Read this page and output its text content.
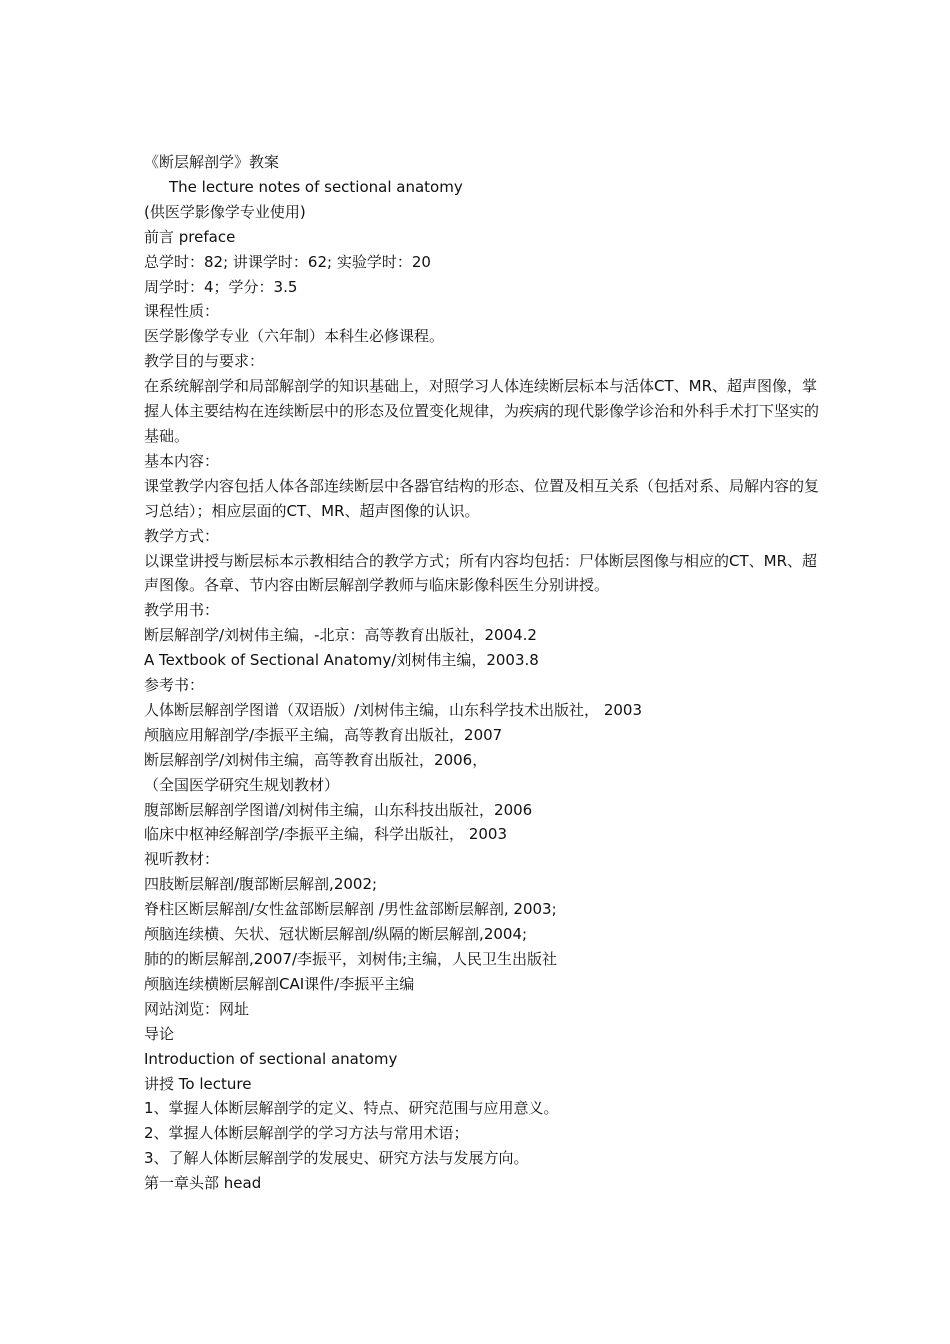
《断层解剖学》教案

The lecture notes of sectional anatomy

(供医学影像学专业使用)

前言 preface

总学时：82; 讲课学时：62; 实验学时：20

周学时：4；学分：3.5

课程性质：

医学影像学专业（六年制）本科生必修课程。

教学目的与要求：

在系统解剖学和局部解剖学的知识基础上，对照学习人体连续断层标本与活体CT、MR、超声图像，掌握人体主要结构在连续断层中的形态及位置变化规律，为疾病的现代影像学诊治和外科手术打下坚实的基础。

基本内容：

课堂教学内容包括人体各部连续断层中各器官结构的形态、位置及相互关系（包括对系、局解内容的复习总结）；相应层面的CT、MR、超声图像的认识。

教学方式：

以课堂讲授与断层标本示教相结合的教学方式；所有内容均包括：尸体断层图像与相应的CT、MR、超声图像。各章、节内容由断层解剖学教师与临床影像科医生分别讲授。

教学用书：

断层解剖学/刘树伟主编，-北京：高等教育出版社，2004.2

A Textbook of Sectional Anatomy/刘树伟主编，2003.8

参考书：

人体断层解剖学图谱（双语版）/刘树伟主编，山东科学技术出版社， 2003

颅脑应用解剖学/李振平主编，高等教育出版社，2007

断层解剖学/刘树伟主编，高等教育出版社，2006，

（全国医学研究生规划教材）

腹部断层解剖学图谱/刘树伟主编，山东科技出版社，2006

临床中枢神经解剖学/李振平主编，科学出版社， 2003

视听教材：

四肢断层解剖/腹部断层解剖,2002;

脊柱区断层解剖/女性盆部断层解剖 /男性盆部断层解剖, 2003;

颅脑连续横、矢状、冠状断层解剖/纵隔的断层解剖,2004;

肺的的断层解剖,2007/李振平，刘树伟;主编，人民卫生出版社

颅脑连续横断层解剖CAI课件/李振平主编

网站浏览：网址

导论

Introduction of sectional anatomy

讲授 To lecture

1、掌握人体断层解剖学的定义、特点、研究范围与应用意义。

2、掌握人体断层解剖学的学习方法与常用术语；

3、了解人体断层解剖学的发展史、研究方法与发展方向。

第一章头部 head
